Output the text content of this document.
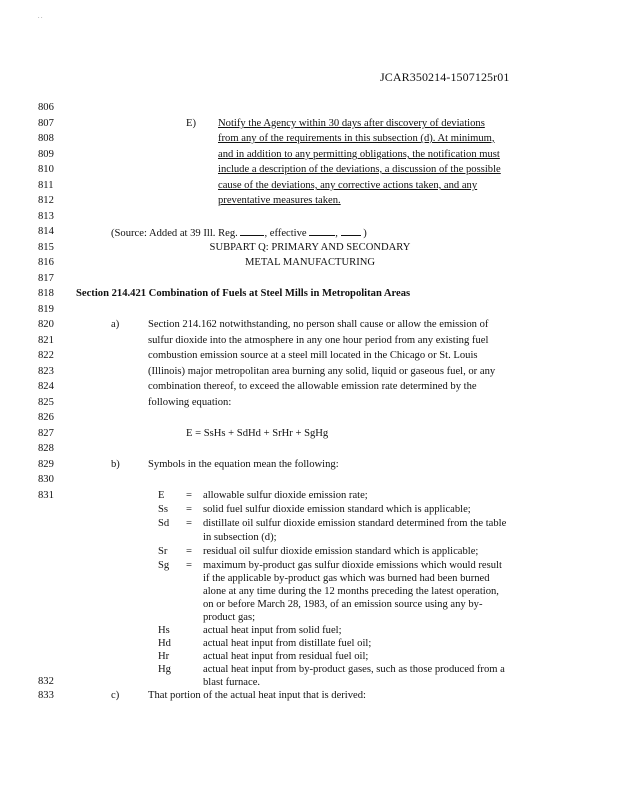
. .
JCAR350214-1507125r01
806
807
808
809
810
811
812
813
814
815
816
817
818
819
820
821
822
823
824
825
826
827
828
829
830
831
832
833
E) Notify the Agency within 30 days after discovery of deviations
from any of the requirements in this subsection (d). At minimum,
and in addition to any permitting obligations, the notification must
include a description of the deviations, a discussion of the possible
cause of the deviations, any corrective actions taken, and any
preventative measures taken.
(Source: Added at 39 Ill. Reg.	, effective	,  )
SUBPART Q: PRIMARY AND SECONDARY
METAL MANUFACTURING
Section 214.421 Combination of Fuels at Steel Mills in Metropolitan Areas
a)	Section 214.162 notwithstanding, no person shall cause or allow the emission of
sulfur dioxide into the atmosphere in any one hour period from any existing fuel
combustion emission source at a steel mill located in the Chicago or St. Louis
(Illinois) major metropolitan area burning any solid, liquid or gaseous fuel, or any
combination thereof, to exceed the allowable emission rate determined by the
following equation:
E = SsHs + SdHd + SrHr + SgHg
b)	Symbols in the equation mean the following:
E = allowable sulfur dioxide emission rate;
Ss = solid fuel sulfur dioxide emission standard which is applicable;
Sd = distillate oil sulfur dioxide emission standard determined from the table
in subsection (d);
Sr = residual oil sulfur dioxide emission standard which is applicable;
Sg = maximum by-product gas sulfur dioxide emissions which would result
if the applicable by-product gas which was burned had been burned
alone at any time during the 12 months preceding the latest operation,
on or before March 28, 1983, of an emission source using any by-
product gas;
Hs	actual heat input from solid fuel;
Hd	actual heat input from distillate fuel oil;
Hr	actual heat input from residual fuel oil;
c)	That portion of the actual heat input that is derived:
Hg	actual heat input from by-product gases, such as those produced from a
blast furnace.
